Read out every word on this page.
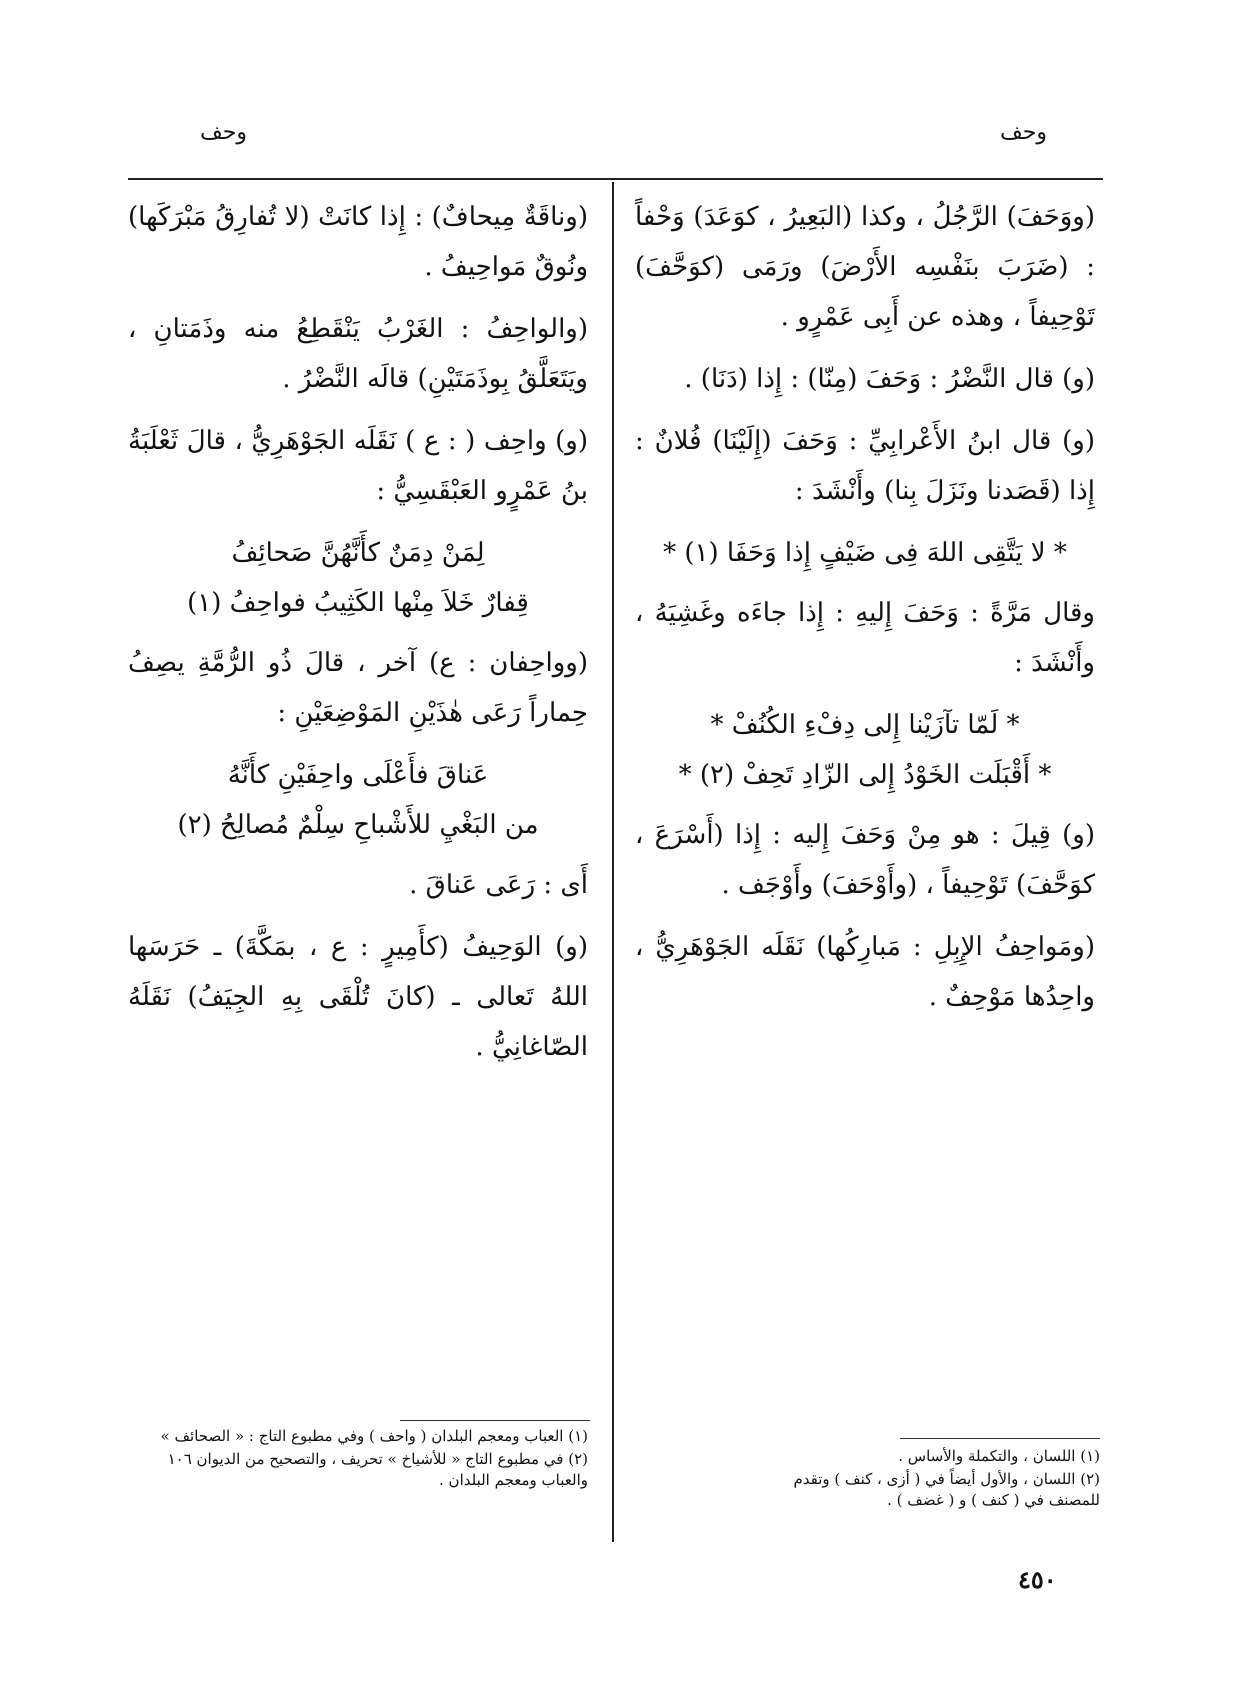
وحف	وحف

(ووَحَفَ) الرَّجُلُ ، وكذا (البَعِيرُ ، كوَعَدَ) وَحْفاً : (ضَرَبَ بنَفْسِه الأَرْضَ) ورَمَى (كوَحَّفَ) تَوْحِيفاً ، وهذه عن أَبِى عَمْرٍو .

(و) قال النَّضْرُ : وَحَفَ (مِنّا) : إِذا (دَنَا) .

(و) قال ابنُ الأَعْرابِيِّ : وَحَفَ (إِلَيْنَا) فُلانٌ : إِذا (قَصَدنا ونَزَلَ بِنا) وأَنْشَدَ :

* لا يَتَّقِى اللهَ فِى ضَيْفٍ إِذا وَحَفَا (١) *

وقال مَرَّةً : وَحَفَ إِليهِ : إِذا جاءَه وغَشِيَهُ ، وأَنْشَدَ :

* لَمّا تآزَيْنا إِلى دِفْءِ الكُنُفْ *
* أَقْبَلَت الخَوْدُ إِلى الزّادِ تَحِفْ (٢) *

(و) قِيلَ : هو مِنْ وَحَفَ إِليه : إِذا (أَسْرَعَ ، كوَحَّفَ) تَوْحِيفاً ، (وأَوْحَفَ) وأَوْجَف .

(ومَواحِفُ الإِبِلِ : مَبارِكُها) نَقَلَه الجَوْهَرِيُّ ، واحِدُها مَوْحِفٌ .

(وناقَةٌ مِيحافٌ) : إِذا كانَتْ (لا تُفارِقُ مَبْرَكَها) ونُوقٌ مَواحِيفُ .

(والواحِفُ : الغَرْبُ يَنْقَطِعُ منه وذَمَتانِ ، ويَتَعَلَّقُ بِوذَمَتَيْنِ) قالَه النَّضْرُ .

(و) واحِف ( : ع ) نَقَلَه الجَوْهَرِيُّ ، قالَ ثَعْلَبَةُ بنُ عَمْرٍو العَبْقَسِيُّ :

لِمَنْ دِمَنٌ كأَنَّهُنَّ صَحائِفُ
قِفارٌ خَلاَ مِنْها الكَثِيبُ فواحِفُ (١)

(وواحِفان : ع) آخر ، قالَ ذُو الرُّمَّةِ يصِفُ حِماراً رَعَى هٰذَيْنِ المَوْضِعَيْنِ :

عَناقَ فأَعْلَى واحِفَيْنِ كأَنَّهُ
من البَغْيِ للأَشْباحِ سِلْمٌ مُصالِحُ (٢)

أَى : رَعَى عَناقَ .

(و) الوَحِيفُ (كأَمِيرٍ : ع ، بمَكَّةَ) ـ حَرَسَها اللهُ تَعالى ـ (كانَ تُلْقَى بِهِ الجِيَفُ) نَقَلَهُ الصّاغانِيُّ .

(١) اللسان ، والتكملة والأساس .
(٢) اللسان ، والأول أيضاً في ( أزى ، كنف ) وتقدم للمصنف في ( كنف ) و ( غضف ) .
(١) العباب ومعجم البلدان ( واحف ) وفي مطبوع التاج : « الصحائف »
(٢) في مطبوع التاج « للأشياخ » تحريف ، والتصحيح من الديوان ١٠٦ والعباب ومعجم البلدان .
٤٥٠
